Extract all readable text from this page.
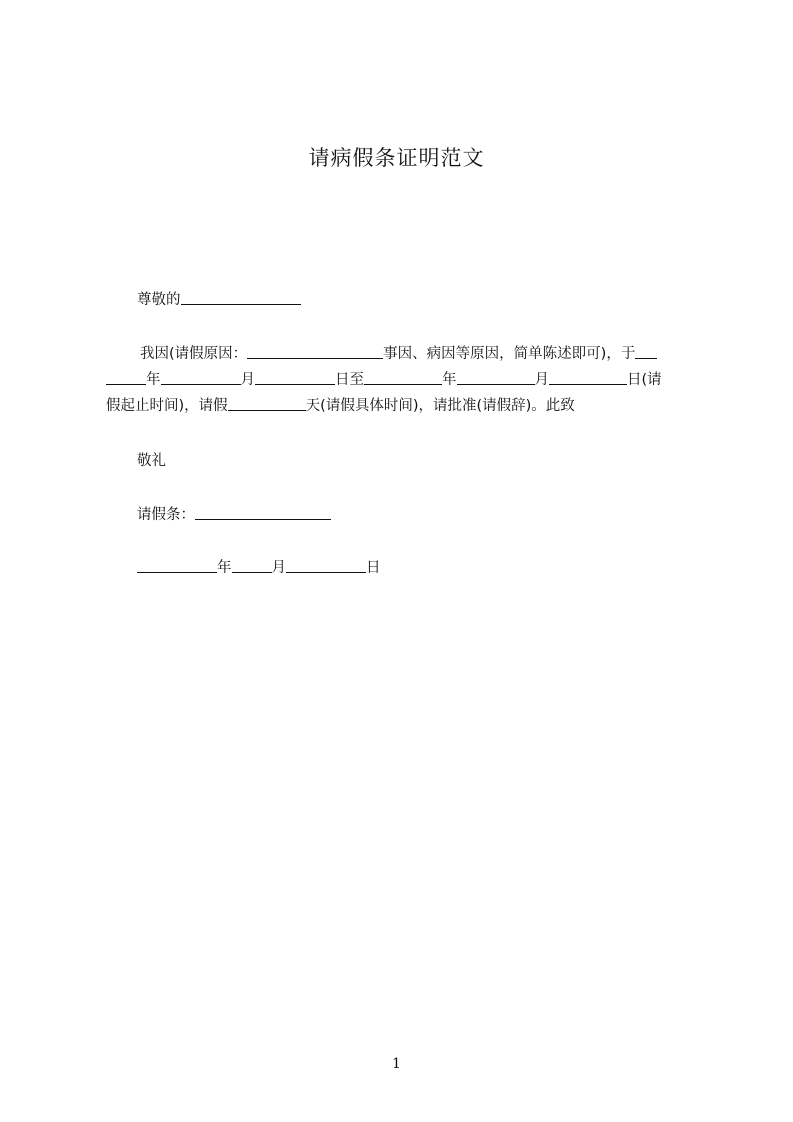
请病假条证明范文
尊敬的
我因(请假原因：	事因、病因等原因，简单陈述即可)，于
年	月	日至	年	月	日(请
假起止时间)，请假	天(请假具体时间)，请批准(请假辞)。此致
敬礼
请假条：
年	月	日
1
